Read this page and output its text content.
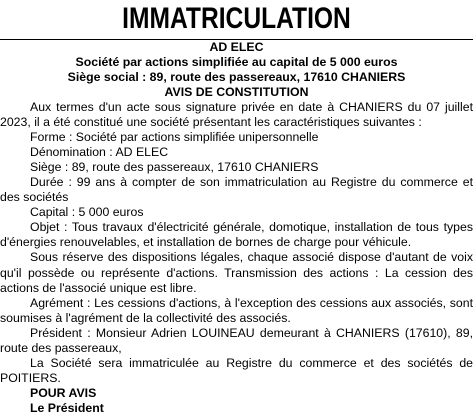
IMMATRICULATION
AD ELEC
Société par actions simplifiée au capital de 5 000 euros
Siège social : 89, route des passereaux, 17610 CHANIERS
AVIS DE CONSTITUTION

Aux termes d'un acte sous signature privée en date à CHANIERS du 07 juillet 2023, il a été constitué une société présentant les caractéristiques suivantes :

Forme : Société par actions simplifiée unipersonnelle

Dénomination : AD ELEC

Siège : 89, route des passereaux, 17610 CHANIERS

Durée : 99 ans à compter de son immatriculation au Registre du commerce et des sociétés

Capital : 5 000 euros

Objet : Tous travaux d'électricité générale, domotique, installation de tous types d'énergies renouvelables, et installation de bornes de charge pour véhicule.

Sous réserve des dispositions légales, chaque associé dispose d'autant de voix qu'il possède ou représente d'actions. Transmission des actions : La cession des actions de l'associé unique est libre.

Agrément : Les cessions d'actions, à l'exception des cessions aux associés, sont soumises à l'agrément de la collectivité des associés.

Président : Monsieur Adrien LOUINEAU demeurant à CHANIERS (17610), 89, route des passereaux,

La Société sera immatriculée au Registre du commerce et des sociétés de POITIERS.

POUR AVIS

Le Président
